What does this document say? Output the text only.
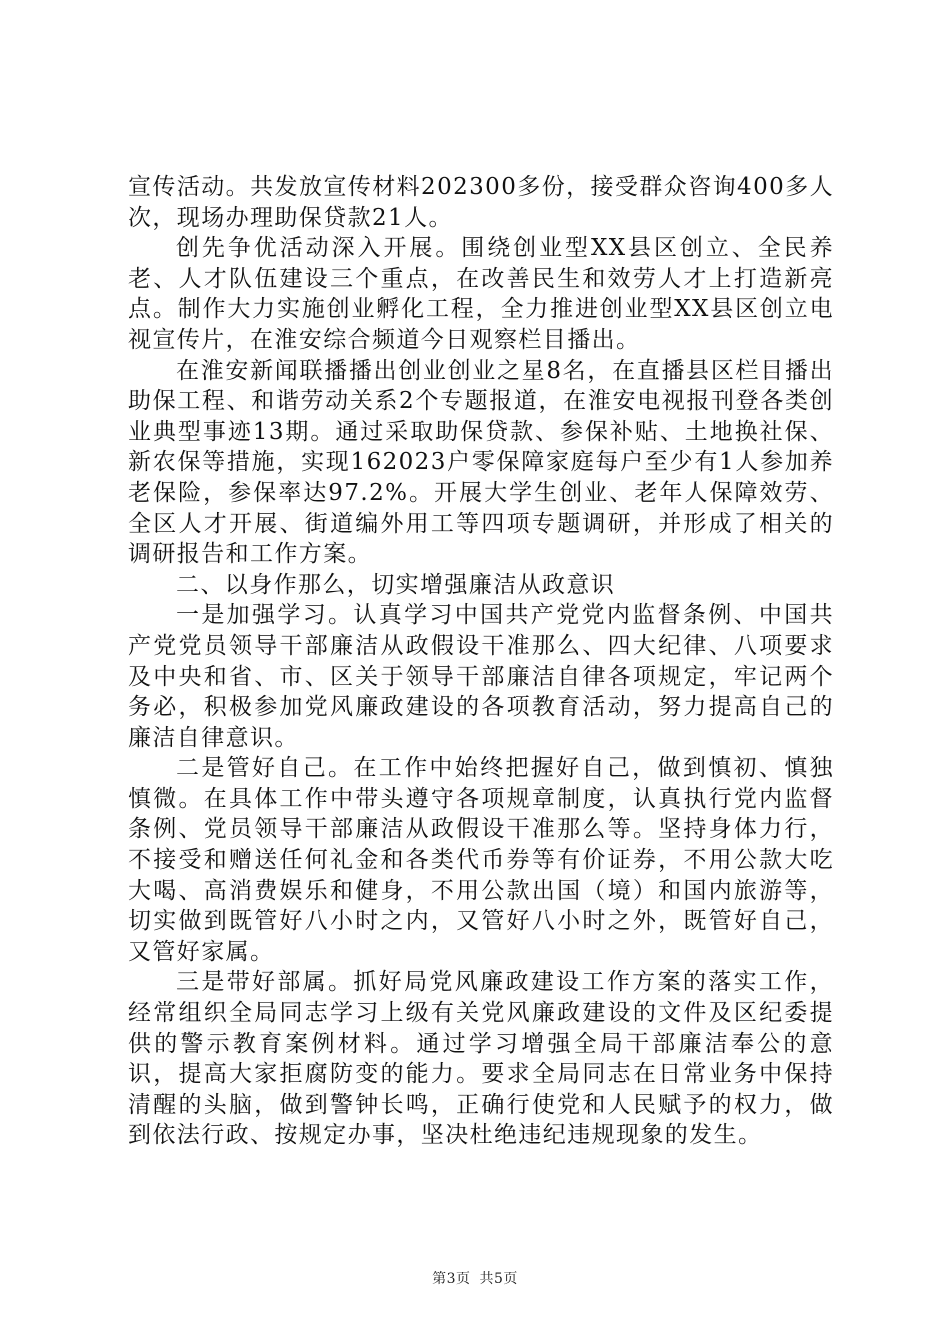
宣传活动。共发放宣传材料202300多份，接受群众咨询400多人次，现场办理助保贷款21人。

创先争优活动深入开展。围绕创业型XX县区创立、全民养老、人才队伍建设三个重点，在改善民生和效劳人才上打造新亮点。制作大力实施创业孵化工程，全力推进创业型XX县区创立电视宣传片，在淮安综合频道今日观察栏目播出。

在淮安新闻联播播出创业创业之星8名，在直播县区栏目播出助保工程、和谐劳动关系2个专题报道，在淮安电视报刊登各类创业典型事迹13期。通过采取助保贷款、参保补贴、土地换社保、新农保等措施，实现162023户零保障家庭每户至少有1人参加养老保险，参保率达97.2%。开展大学生创业、老年人保障效劳、全区人才开展、街道编外用工等四项专题调研，并形成了相关的调研报告和工作方案。

二、以身作那么，切实增强廉洁从政意识

一是加强学习。认真学习中国共产党党内监督条例、中国共产党党员领导干部廉洁从政假设干准那么、四大纪律、八项要求及中央和省、市、区关于领导干部廉洁自律各项规定，牢记两个务必，积极参加党风廉政建设的各项教育活动，努力提高自己的廉洁自律意识。

二是管好自己。在工作中始终把握好自己，做到慎初、慎独慎微。在具体工作中带头遵守各项规章制度，认真执行党内监督条例、党员领导干部廉洁从政假设干准那么等。坚持身体力行，不接受和赠送任何礼金和各类代币券等有价证券，不用公款大吃大喝、高消费娱乐和健身，不用公款出国（境）和国内旅游等，切实做到既管好八小时之内，又管好八小时之外，既管好自己，又管好家属。

三是带好部属。抓好局党风廉政建设工作方案的落实工作，经常组织全局同志学习上级有关党风廉政建设的文件及区纪委提供的警示教育案例材料。通过学习增强全局干部廉洁奉公的意识，提高大家拒腐防变的能力。要求全局同志在日常业务中保持清醒的头脑，做到警钟长鸣，正确行使党和人民赋予的权力，做到依法行政、按规定办事，坚决杜绝违纪违规现象的发生。

第3页 共5页
